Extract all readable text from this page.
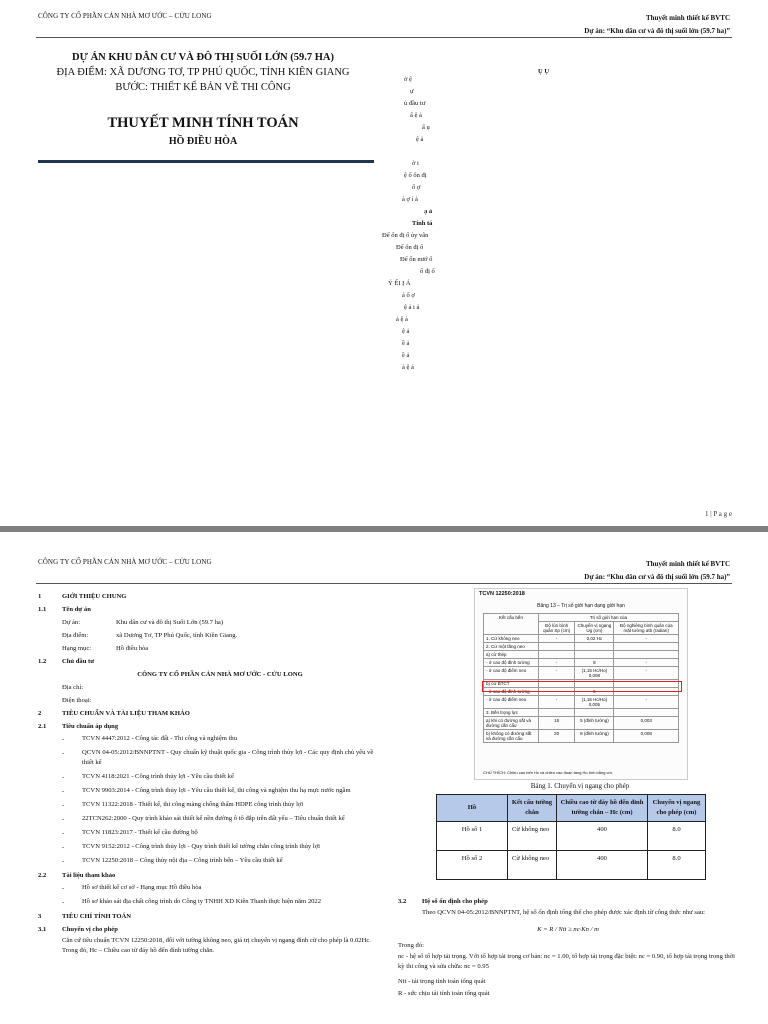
CÔNG TY CỔ PHẦN CẢN NHÀ MƠ ƯỚC – CỬU LONG	Thuyết minh thiết kế BVTC
Dự án: “Khu dân cư và đô thị suối lớn (59.7 ha)”
DỰ ÁN KHU DÂN CƯ VÀ ĐÔ THỊ SUỐI LỚN (59.7 HA)
ĐỊA ĐIỂM: XÃ DƯƠNG TƠ, TP PHÚ QUỐC, TỈNH KIÊN GIANG
BƯỚC: THIẾT KẾ BẢN VẼ THI CÔNG
THUYẾT MINH TÍNH TOÁN
HỒ ĐIỀU HÒA
Ụ Ụ
ờ ệ
ự
ủ đầu tư
ẩ ệ ả
ẩ ụ
ệ ả
ờ i
ệ ổ ổn đị
ổ ợ
ả ợ í ả
ạ ả
Tính tá
Để ổn đị ổ ủy vân
Để ổn đị ổ
Để ổn nướ ổ
ổ đị ổ
Ý ẾI Ị Á
ả ổ ợ
ệ ả i ả
ả ệ ả
ệ ả
ề ả
ề ả
ả ệ ả
1 | P a g e
CÔNG TY CỔ PHẦN CẢN NHÀ MƠ ƯỚC – CỬU LONG	Thuyết minh thiết kế BVTC
Dự án: “Khu dân cư và đô thị suối lớn (59.7 ha)”
1	GIỚI THIỆU CHUNG
1.1	Tên dự án
Dự án:	Khu dân cư và đô thị Suối Lớn (59.7 ha)
Địa điểm:	xã Dương Tơ, TP Phú Quốc, tỉnh Kiên Giang.
Hạng mục:	Hồ điều hòa
1.2	Chủ đầu tư
CÔNG TY CỔ PHẦN CẢN NHÀ MƠ ƯỚC - CỬU LONG
Địa chỉ:
Điện thoại:
2	TIÊU CHUẨN VÀ TÀI LIỆU THAM KHẢO
2.1	Tiêu chuẩn áp dụng
-	TCVN 4447:2012 - Công tác đất - Thi công và nghiệm thu
-	QCVN 04-05:2012/BNNPTNT - Quy chuẩn kỹ thuật quốc gia - Công trình thủy lợi - Các quy định chủ yếu về thiết kế
-	TCVN 4118:2021 - Công trình thủy lợi - Yêu cầu thiết kế
-	TCVN 9903:2014 - Công trình thủy lợi - Yêu cầu thiết kế, thi công và nghiệm thu hạ mực nước ngầm
-	TCVN 11322:2018 - Thiết kế, thi công màng chống thấm HDPE công trình thủy lợi
-	22TCN262:2000 - Quy trình khảo sát thiết kế nền đường ô tô đắp trên đất yếu – Tiêu chuẩn thiết kế
-	TCVN 11823:2017 - Thiết kế cầu đường bộ
-	TCVN 9152:2012 - Công trình thủy lợi - Quy trình thiết kế tường chắn công trình thủy lợi
-	TCVN 12250:2018 – Công thủy nội địa – Công trình bến – Yêu cầu thiết kế
2.2	Tài liệu tham khảo
-	Hồ sơ thiết kế cơ sở - Hạng mục Hồ điều hòa
-	Hồ sơ khảo sát địa chất công trình do Công ty TNHH XD Kiên Thanh thực hiện năm 2022
3	TIÊU CHÍ TÍNH TOÁN
3.1	Chuyển vị cho phép
Căn cứ tiêu chuẩn TCVN 12250:2018, đối với tường không neo, giá trị chuyển vị ngang đỉnh cừ cho phép là 0.02Hc. Trong đó, Hc – Chiều cao từ đáy hồ đến đỉnh tường chắn.
TCVN 12250:2018
Bảng 13 – Trị số giới hạn dạng giới hạn
Kết cấu bến	Trị số giới hạn của		
	Độ lún bình quân Sp (cm)	Chuyển vị ngang Ug (cm)	Độ nghiêng bình quân của mặt tường αtb (radian)
1. Cừ không neo	-	0,02 Hc	-
2. Cừ một tầng neo			
a) cừ thép			
- ở cao độ đỉnh tường	-	8	-
- ở cao độ điểm neo	-	(1,15 Hc/Ho) 0,008	-
b) cừ BTCT			
- ở cao độ đỉnh tường	-	5	-
- ở cao độ điểm neo	-	(1,15 Hc/Ho) 0,005	-
3. Bến trọng lực			
a) khi có đường sắt và đường cần cẩu	15	5 (đỉnh tường)	0,003
b) không có đường sắt và đường cần cẩu	20	8 (đỉnh tường)	0,008
CHÚ THÍCH: Chiều cao bến Hc và chiều cao đoạn tầng Ho tính bằng cm.
Bảng 1. Chuyển vị ngang cho phép
Hồ	Kết cấu tường chắn	Chiều cao từ đáy hồ đến đỉnh tường chắn – Hc (cm)	Chuyển vị ngang cho phép (cm)
Hồ số 1	Cừ không neo	400	8.0
Hồ số 2	Cừ không neo	400	8.0
3.2	Hệ số ổn định cho phép
Theo QCVN 04-05:2012/BNNPTNT, hệ số ổn định tổng thể cho phép được xác định từ công thức như sau:
K = R / Ntt ≥ nc·Kn / m
Trong đó:
nc - hệ số tổ hợp tải trọng. Với tổ hợp tải trọng cơ bản: nc = 1.00, tổ hợp tải trọng đặc biệt: nc = 0.90, tổ hợp tải trọng trong thời kỳ thi công và sửa chữa: nc = 0.95
Ntt - tải trọng tính toán tổng quát
R - sức chịu tải tính toán tổng quát
